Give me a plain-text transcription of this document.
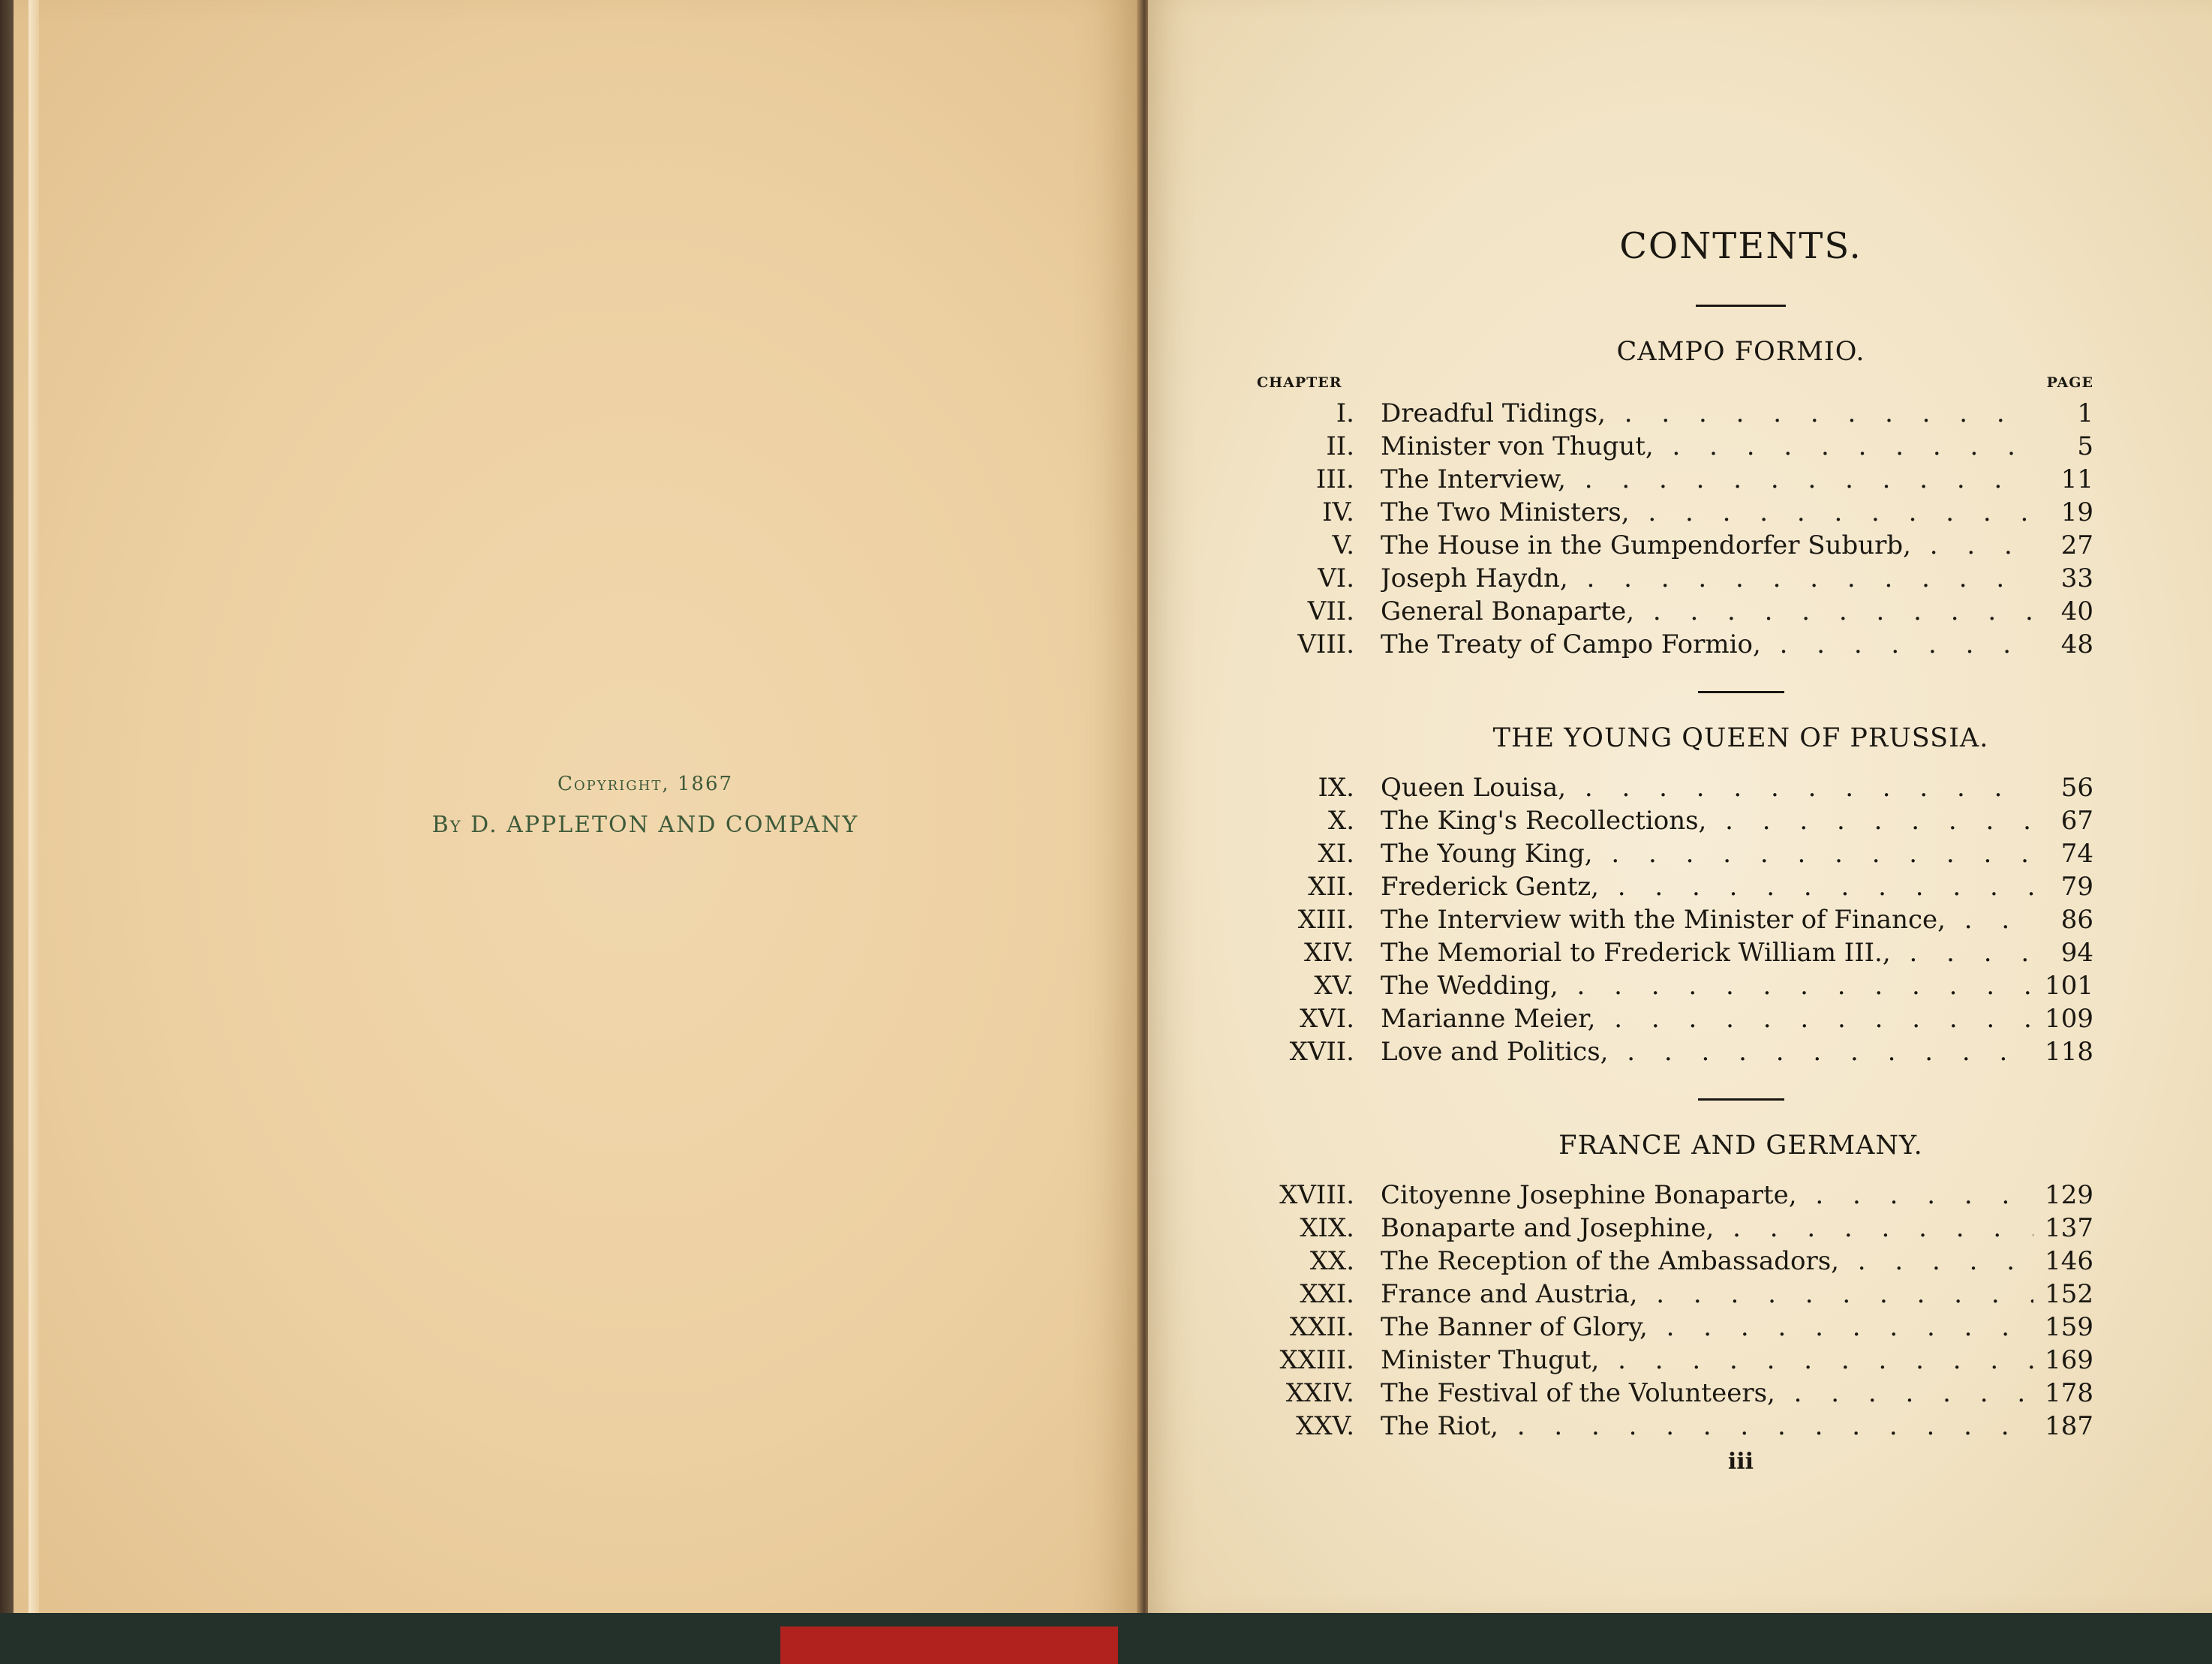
Copyright, 1867
By D. APPLETON AND COMPANY
CONTENTS.
CAMPO FORMIO.
CHAPTER	PAGE
I. Dreadful Tidings, . . .	1
II. Minister von Thugut, . . .	5
III. The Interview, . . .	11
IV. The Two Ministers, . . .	19
V. The House in the Gumpendorfer Suburb, . . .	27
VI. Joseph Haydn, . . .	33
VII. General Bonaparte, . . .	40
VIII. The Treaty of Campo Formio, . . .	48
THE YOUNG QUEEN OF PRUSSIA.
IX. Queen Louisa, . . .	56
X. The King's Recollections, . . .	67
XI. The Young King, . . .	74
XII. Frederick Gentz, . . .	79
XIII. The Interview with the Minister of Finance, . . .	86
XIV. The Memorial to Frederick William III., . . .	94
XV. The Wedding, . . .	101
XVI. Marianne Meier, . . .	109
XVII. Love and Politics, . . .	118
FRANCE AND GERMANY.
XVIII. Citoyenne Josephine Bonaparte, . . .	129
XIX. Bonaparte and Josephine, . . .	137
XX. The Reception of the Ambassadors, . . .	146
XXI. France and Austria, . . .	152
XXII. The Banner of Glory, . . .	159
XXIII. Minister Thugut, . . .	169
XXIV. The Festival of the Volunteers, . . .	178
XXV. The Riot, . . .	187
iii
